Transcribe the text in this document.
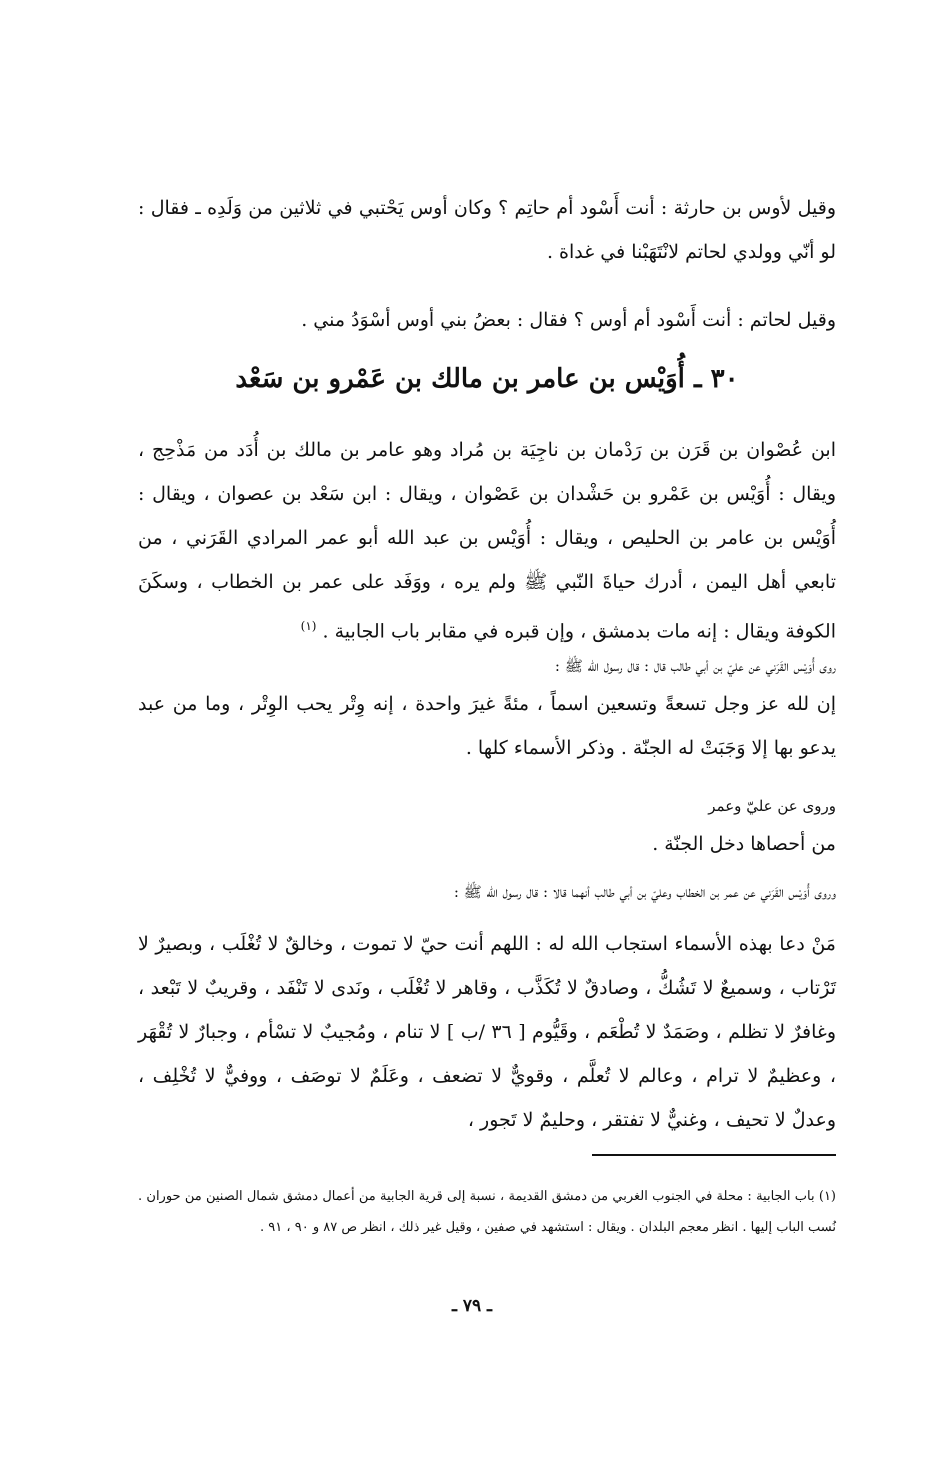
وقيل لأوس بن حارثة : أنت أَسْود أم حاتِم ؟ وكان أوس يَحْتبي في ثلاثين من وَلَدِه ـ فقال : لو أنّي وولدي لحاتم لانْتَهَبْنا في غداة .

وقيل لحاتم : أنت أَسْود أم أوس ؟ فقال : بعضُ بني أوس أسْوَدُ مني .

٣٠ ـ أُوَيْس بن عامر بن مالك بن عَمْرو بن سَعْد

ابن عُصْوان بن قَرَن بن رَدْمان بن ناجِيَة بن مُراد وهو عامر بن مالك بن أُدَد من مَذْحِج ، ويقال : أُوَيْس بن عَمْرو بن حَشْدان بن عَصْوان ، ويقال : ابن سَعْد بن عصوان ، ويقال : أُوَيْس بن عامر بن الحليص ، ويقال : أُوَيْس بن عبد الله أبو عمر المرادي القَرَني ، من تابعي أهل اليمن ، أدرك حياةَ النّبي ﷺ ولم يره ، ووَفَد على عمر بن الخطاب ، وسكَنَ الكوفة ويقال : إنه مات بدمشق ، وإن قبره في مقابر باب الجابية . $^{(١)}$

روى أُوَيْس القَرَني عن عليّ بن أبي طالب قال : قال رسول الله ﷺ :

إن لله عز وجل تسعةً وتسعين اسماً ، مئةً غيرَ واحدة ، إنه وِتْر يحب الوِتْر ، وما من عبد يدعو بها إلا وَجَبَتْ له الجنّة . وذكر الأسماء كلها .

وروى عن عليّ وعمر

من أحصاها دخل الجنّة .

وروى أُوَيْس القَرَني عن عمر بن الخطاب وعليّ بن أبي طالب أنهما قالا : قال رسول الله ﷺ :

مَنْ دعا بهذه الأسماء استجاب الله له : اللهم أنت حيّ لا تموت ، وخالقٌ لا تُغْلَب ، وبصيرٌ لا تَرْتاب ، وسميعٌ لا تَشُكُّ ، وصادقٌ لا تُكَذَّب ، وقاهر لا تُغْلَب ، ونَدى لا تَنْفَد ، وقريبٌ لا تَبْعد ، وغافرٌ لا تظلم ، وصَمَدٌ لا تُطْعَم ، وقَيُّوم [ ٣٦ /ب ] لا تنام ، ومُجيبٌ لا تسْأم ، وجبارٌ لا تُقْهَر ، وعظيمٌ لا ترام ، وعالم لا تُعلَّم ، وقويٌّ لا تضعف ، وعَلَمٌ لا توصَف ، ووفيٌّ لا تُخْلِف ، وعدلٌ لا تحيف ، وغنيٌّ لا تفتقر ، وحليمٌ لا تَجور ،

(١) باب الجابية : محلة في الجنوب الغربي من دمشق القديمة ، نسبة إلى قرية الجابية من أعمال دمشق شمال الصنين من حوران . نُسب الباب إليها . انظر معجم البلدان . ويقال : استشهد في صفين ، وقيل غير ذلك ، انظر ص ٨٧ و ٩٠ ، ٩١ .

ـ ٧٩ ـ
